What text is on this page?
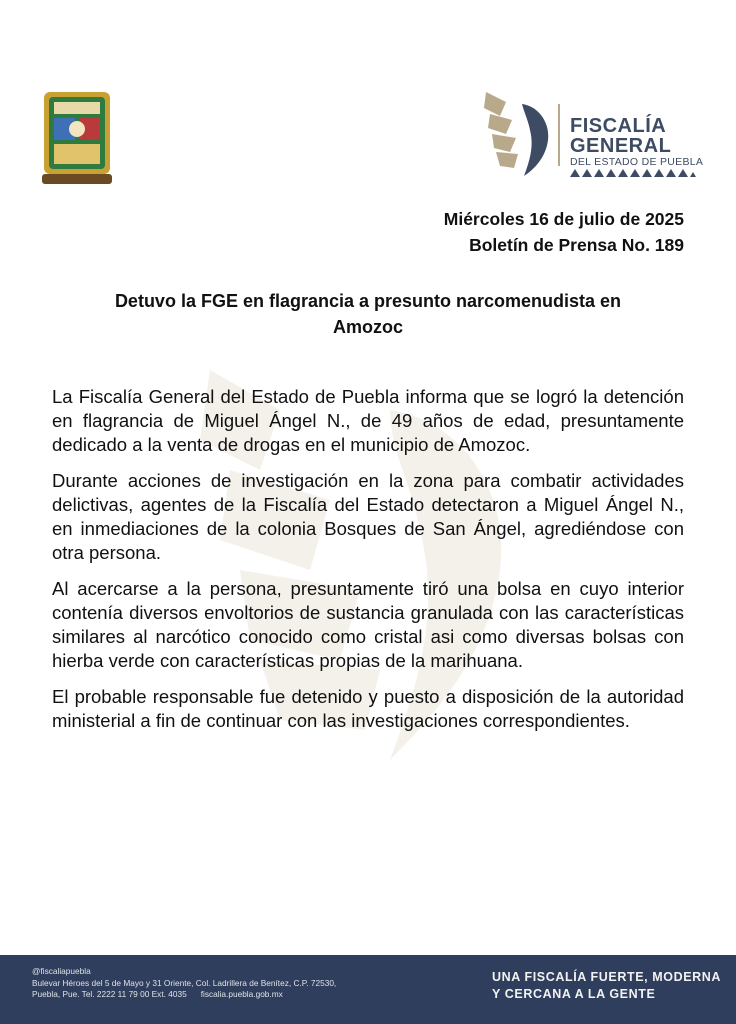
FISCALÍA
GENERAL
DEL ESTADO DE PUEBLA
Miércoles 16 de julio de 2025
Boletín de Prensa No. 189
Detuvo la FGE en flagrancia a presunto narcomenudista en
Amozoc

La Fiscalía General del Estado de Puebla informa que se logró la detención en flagrancia de Miguel Ángel N., de 49 años de edad, presuntamente dedicado a la venta de drogas en el municipio de Amozoc.

Durante acciones de investigación en la zona para combatir actividades delictivas, agentes de la Fiscalía del Estado detectaron a Miguel Ángel N., en inmediaciones de la colonia Bosques de San Ángel, agrediéndose con otra persona.

Al acercarse a la persona, presuntamente tiró una bolsa en cuyo interior contenía diversos envoltorios de sustancia granulada con las características similares al narcótico conocido como cristal asi como diversas bolsas con hierba verde con características propias de la marihuana.

El probable responsable fue detenido y puesto a disposición de la autoridad ministerial a fin de continuar con las investigaciones correspondientes.

@fiscaliapuebla
Bulevar Héroes del 5 de Mayo y 31 Oriente, Col. Ladrillera de Benítez, C.P. 72530,
Puebla, Pue. Tel. 2222 11 79 00 Ext. 4035 fiscalia.puebla.gob.mx
UNA FISCALÍA FUERTE, MODERNA
Y CERCANA A LA GENTE
